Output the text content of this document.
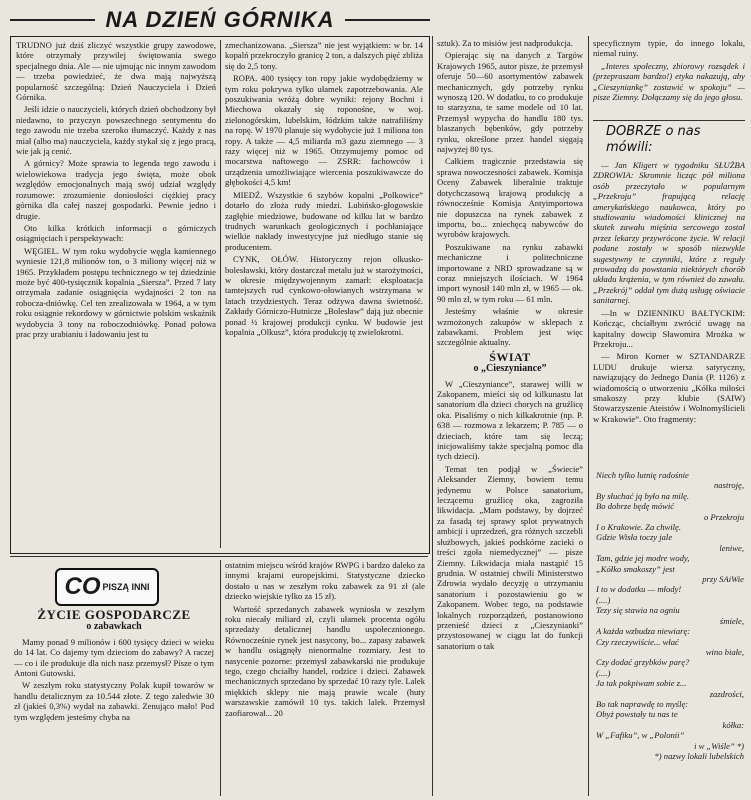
NA DZIEŃ GÓRNIKA

TRUDNO już dziś zliczyć wszystkie grupy zawodowe, które otrzymały przywilej świętowania swego specjalnego dnia. Ale — nie ujmując nic innym zawodom — trzeba powiedzieć, że dwa mają najwyższą popularność szczególną: Dzień Nauczyciela i Dzień Górnika.

Jeśli idzie o nauczycieli, których dzień obchodzony był niedawno, to przyczyn powszechnego sentymentu do tego zawodu nie trzeba szeroko tłumaczyć. Każdy z nas miał (albo ma) nauczyciela, każdy stykał się z jego pracą, wie jak ją cenić.

A górnicy? Może sprawia to legenda tego zawodu i wielowiekowa tradycja jego święta, może obok względów emocjonalnych mają swój udział względy rozumowe: zrozumienie doniosłości ciężkiej pracy górnika dla całej naszej gospodarki. Pewnie jedno i drugie.

Oto kilka krótkich informacji o górniczych osiągnięciach i perspektywach:

WĘGIEL. W tym roku wydobycie węgla kamiennego wyniesie 121,8 milionów ton, o 3 miliony więcej niż w 1965. Przykładem postępu technicznego w tej dziedzinie może być 400-tysięcznik kopalnia „Siersza”. Przed 7 laty otrzymała zadanie osiągnięcia wydajności 2 ton na robocza-dniówkę. Cel ten zrealizowała w 1964, a w tym roku osiągnie rekordowy w górnictwie polskim wskaźnik wydobycia 3 tony na roboczodniówkę. Ponad połowa prac przy urabianiu i ładowaniu jest tu

zmechanizowana. „Siersza” nie jest wyjątkiem: w br. 14 kopalń przekroczyło granicę 2 ton, a dalszych pięć zbliża się do 2,5 tony.

ROPA. 400 tysięcy ton ropy jakie wydobędziemy w tym roku pokrywa tylko ułamek zapotrzebowania. Ale poszukiwania wróżą dobre wyniki: rejony Bochni i Miechowa okazały się roponośne, w woj. zielonogórskim, lubelskim, łódzkim także natrafiliśmy na ropę. W 1970 planuje się wydobycie już 1 miliona ton ropy. A także — 4,5 miliarda m3 gazu ziemnego — 3 razy więcej niż w 1965. Otrzymujemy pomoc od mocarstwa naftowego — ZSRR: fachowców i urządzenia umożliwiające wiercenia poszukiwawcze do głębokości 4,5 km!

MIEDŹ. Wszystkie 6 szybów kopalni „Polkowice” dotarło do złoża rudy miedzi. Lubińsko-głogowskie zagłębie miedziowe, budowane od kilku lat w bardzo trudnych warunkach geologicznych i pochłaniające wielkie nakłady inwestycyjne już niedługo stanie się producentem.

CYNK, OŁÓW. Historyczny rejon olkusko-bolesławski, który dostarczał metalu już w starożytności, w okresie międzywojennym zamarł: eksploatacja tamtejszych rud cynkowo-ołowianych wstrzymana w latach trzydziestych. Teraz odżywa dawna świetność. Zakłady Górniczo-Hutnicze „Bolesław” dają już obecnie ponad ½ krajowej produkcji cynku. W budowie jest kopalnia „Olkusz”, która produkcję tę zwielokrotni.

sztuk). Za to misiów jest nadprodukcja.

Opierając się na danych z Targów Krajowych 1965, autor pisze, że przemysł oferuje 50—60 asortymentów zabawek mechanicznych, gdy potrzeby rynku wynoszą 120. W dodatku, to co produkuje to starzyzna, te same modele od 10 lat. Przemysł wypycha do handlu 180 tys. blaszanych bębenków, gdy potrzeby rynku, określone przez handel sięgają najwyżej 80 tys.

Całkiem tragicznie przedstawia się sprawa nowoczesności zabawek. Komisja Oceny Zabawek liberalnie traktuje dotychczasową krajową produkcję a równocześnie Komisja Antyimportowa nie dopuszcza na rynek zabawek z importu, bo... zniechęcą nabywców do wyrobów krajowych.

Poszukiwane na rynku zabawki mechaniczne i politechniczne importowane z NRD sprowadzane są w coraz mniejszych ilościach. W 1964 import wynosił 140 mln zł, w 1965 — ok. 90 mln zł, w tym roku — 61 mln.

Jesteśmy właśnie w okresie wzmożonych zakupów w sklepach z zabawkami. Problem jest więc szczególnie aktualny.

ŚWIAT
o „Cieszyniance”

W „Cieszyniance”, starawej willi w Zakopanem, mieści się od kilkunastu lat sanatorium dla dzieci chorych na gruźlicę oka. Pisaliśmy o nich kilkakrotnie (np. P. 638 — rozmowa z lekarzem; P. 785 — o dzieciach, które tam się leczą; inicjowaliśmy także specjalną pomoc dla tych dzieci).

Temat ten podjął w „Świecie” Aleksander Ziemny, bowiem temu jedynemu w Polsce sanatorium, leczącemu gruźlicę oka, zagroziła likwidacja. „Mam podstawy, by dojrzeć za fasadą tej sprawy splot prywatnych ambicji i uprzedzeń, gra różnych szczebli służbowych, jakieś podskórne zacieki o treści zgoła niemedycznej” — pisze Ziemny. Likwidacja miała nastąpić 15 grudnia. W ostatniej chwili Ministerstwo Zdrowia wydało decyzję o utrzymaniu sanatorium i pozostawieniu go w Zakopanem. Wobec tego, na podstawie lokalnych rozporządzeń, postanowiono przenieść dzieci z „Cieszynianki” przystosowanej w ciągu lat do funkcji sanatorium o tak

specyficznym typie, do innego lokalu, niemal ruiny.

„Interes społeczny, zbiorowy rozsądek i (przepraszam bardzo!) etyka nakazują, aby „Cieszyniankę” zostawić w spokoju” — pisze Ziemny. Dołączamy się do jego głosu.

DOBRZE o nas mówili:

— Jan Kligert w tygodniku SŁUŻBA ZDROWIA: Skromnie licząc pół miliona osób przeczytało w popularnym „Przekroju” frapującą relację amerykańskiego naukowca, który po studiowaniu wiadomości klinicznej na skutek zawału mięśnia sercowego został przez lekarzy przywrócone życie. W relacji podane zostały w sposób niezwykle sugestywny te czynniki, które z reguły prowadzą do powstania niektórych chorób układu krążenia, w tym również do zawału. „Przekrój” oddał tym dużą usługę oświacie sanitarnej.

—In w DZIENNIKU BAŁTYCKIM: Kończąc, chciałbym zwrócić uwagę na kapitalny dowcip Sławomira Mrożka w Przekroju...

— Miron Korner w SZTANDARZE LUDU drukuje wiersz satyryczny, nawiązujący do Jednego Dania (P. 1126) z wiadomością o utworzeniu „Kółka miłości smakoszy przy klubie (SAIW) Stowarzyszenie Ateistów i Wolnomyślicieli w Krakowie”. Oto fragmenty:

Niech tylko lutnię radośnie
nastroję,
By słuchać ją było na milę.
Bo dobrze będę mówić
o Przekroju
I o Krakowie. Za chwilę.
Gdzie Wisła toczy jale
leniwe,
Tam, gdzie jej modre wody,
„Kółko smakoszy” jest
przy SAiWie
I to w dodatku — młody!
(....)
Tezy się stawia na ogniu
śmiele,
A każda wzbudza niewiarę:
Czy rzeczywiście... włać
wino białe,
Czy dodać grzybków parę?
(....)
Ja tak pokpiwam sobie z...
zazdrości,
Bo tak naprawdę to myślę:
Obyż powstały tu nas te
kółka:
W „Fafiku”, w „Polonii”
i w „Wiśle” *)
*) nazwy lokali lubelskich
CO PISZĄ INNI
ŻYCIE GOSPODARCZE
o zabawkach

Mamy ponad 9 milionów i 600 tysięcy dzieci w wieku do 14 lat. Co dajemy tym dzieciom do zabawy? A raczej — co i ile produkuje dla nich nasz przemysł? Pisze o tym Antoni Gutowski.

W zeszłym roku statystyczny Polak kupił towarów w handlu detalicznym za 10.544 złote. Z tego zaledwie 30 zł (jakieś 0,3%) wydał na zabawki. Zenująco mało! Pod tym względem jesteśmy chyba na

ostatnim miejscu wśród krajów RWPG i bardzo daleko za innymi krajami europejskimi. Statystyczne dziecko dostało u nas w zeszłym roku zabawek za 91 zł (ale dziecko wiejskie tylko za 15 zł).

Wartość sprzedanych zabawek wyniosła w zeszłym roku niecały miliard zł, czyli ułamek procenta ogółu sprzedaży detalicznej handlu uspołecznionego. Równocześnie rynek jest nasycony, bo... zapasy zabawek w handlu osiągnęły nienormalne rozmiary. Jest to nasycenie pozorne: przemysł zabawkarski nie produkuje tego, czego chciałby handel, rodzice i dzieci. Zabawek mechanicznych sprzedano by sprzedać 10 razy tyle. Lalek miękkich sklepy nie mają prawie wcale (huty warszawskie zamówił 10 tys. takich lalek. Przemysł zaofiarował... 20
